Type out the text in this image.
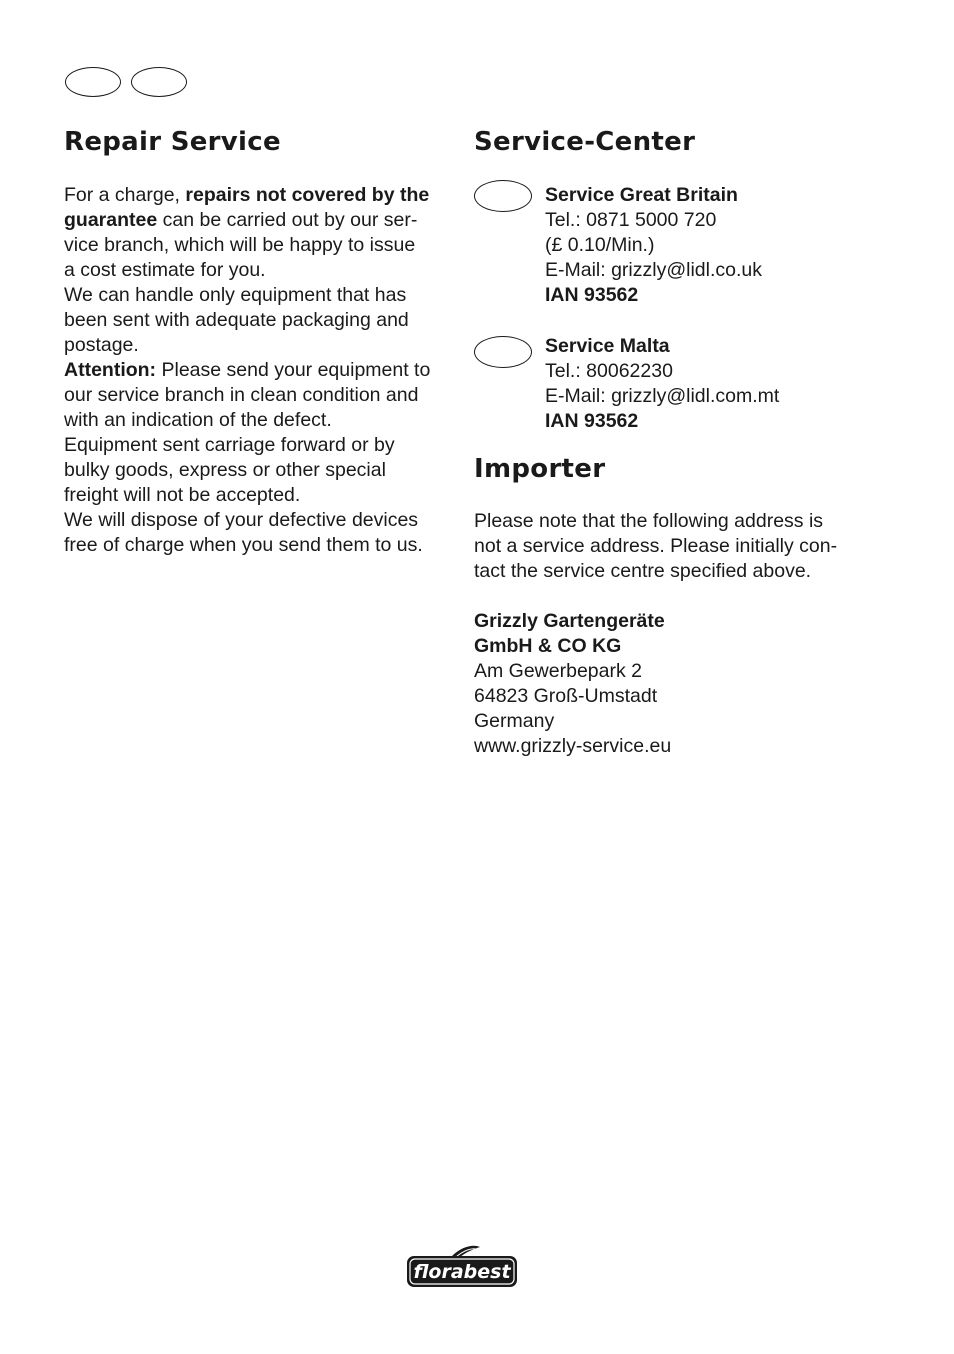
Repair Service
For a charge, repairs not covered by the
guarantee can be carried out by our ser-
vice branch, which will be happy to issue
a cost estimate for you.
We can handle only equipment that has
been sent with adequate packaging and
postage.
Attention: Please send your equipment to
our service branch in clean condition and
with an indication of the defect.
Equipment sent carriage forward or by
bulky goods, express or other special
freight will not be accepted.
We will dispose of your defective devices
free of charge when you send them to us.
Service-Center
Service Great Britain
Tel.: 0871 5000 720
(£ 0.10/Min.)
E-Mail: grizzly@lidl.co.uk
IAN 93562
Service Malta
Tel.: 80062230
E-Mail: grizzly@lidl.com.mt
IAN 93562
Importer
Please note that the following address is
not a service address. Please initially con-
tact the service centre specified above.
Grizzly Gartengeräte
GmbH & CO KG
Am Gewerbepark 2
64823 Groß-Umstadt
Germany
www.grizzly-service.eu
florabest
